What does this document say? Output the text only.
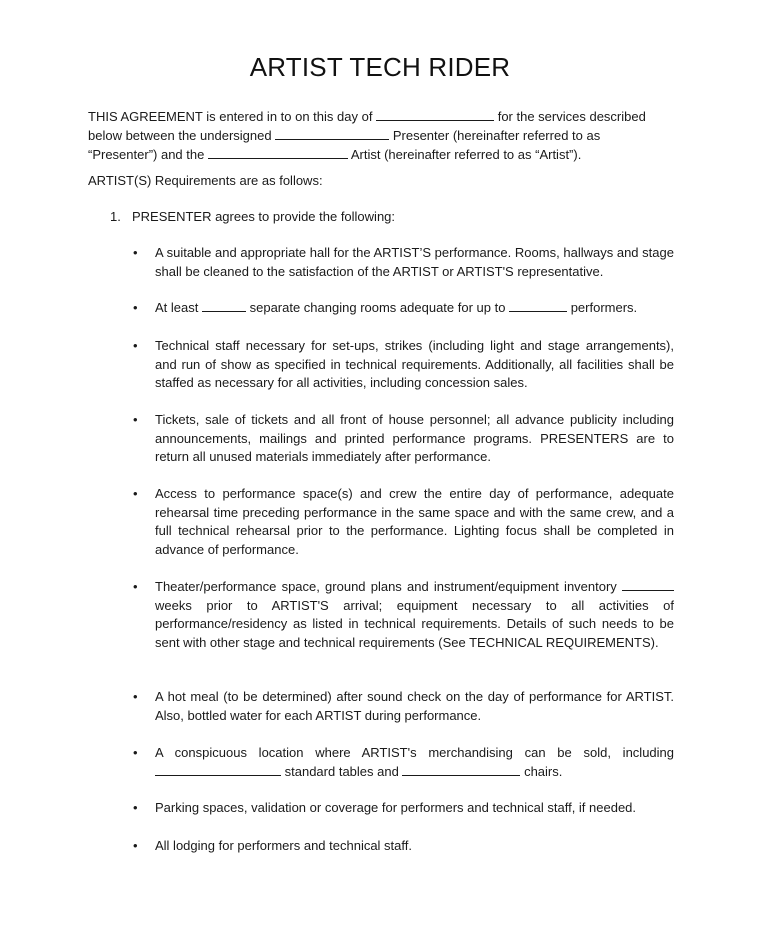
ARTIST TECH RIDER
THIS AGREEMENT is entered in to on this day of	for the services described
below between the undersigned	Presenter (hereinafter referred to as
“Presenter”) and the	Artist (hereinafter referred to as “Artist”).
ARTIST(S) Requirements are as follows:
1. PRESENTER agrees to provide the following:
• A suitable and appropriate hall for the ARTIST’S performance. Rooms, hallways and stage shall be cleaned to the satisfaction of the ARTIST or ARTIST'S representative.
• At least	separate changing rooms adequate for up to	performers.
• Technical staff necessary for set-ups, strikes (including light and stage arrangements), and run of show as specified in technical requirements. Additionally, all facilities shall be staffed as necessary for all activities, including concession sales.
• Tickets, sale of tickets and all front of house personnel; all advance publicity including announcements, mailings and printed performance programs. PRESENTERS are to return all unused materials immediately after performance.
• Access to performance space(s) and crew the entire day of performance, adequate rehearsal time preceding performance in the same space and with the same crew, and a full technical rehearsal prior to the performance. Lighting focus shall be completed in advance of performance.
• Theater/performance space, ground plans and instrument/equipment inventory  weeks prior to ARTIST'S arrival; equipment necessary to all activities of performance/residency as listed in technical requirements. Details of such needs to be sent with other stage and technical requirements (See TECHNICAL REQUIREMENTS).
• A hot meal (to be determined) after sound check on the day of performance for ARTIST. Also, bottled water for each ARTIST during performance.
• A conspicuous location where ARTIST's merchandising can be sold, including  standard tables and	chairs.
• Parking spaces, validation or coverage for performers and technical staff, if needed.
• All lodging for performers and technical staff.
